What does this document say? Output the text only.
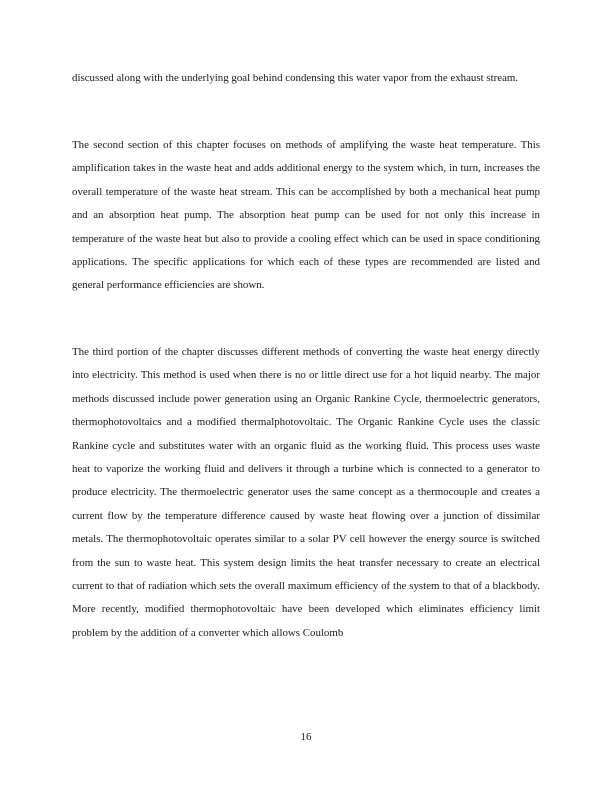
discussed along with the underlying goal behind condensing this water vapor from the exhaust stream.

The second section of this chapter focuses on methods of amplifying the waste heat temperature. This amplification takes in the waste heat and adds additional energy to the system which, in turn, increases the overall temperature of the waste heat stream. This can be accomplished by both a mechanical heat pump and an absorption heat pump. The absorption heat pump can be used for not only this increase in temperature of the waste heat but also to provide a cooling effect which can be used in space conditioning applications. The specific applications for which each of these types are recommended are listed and general performance efficiencies are shown.

The third portion of the chapter discusses different methods of converting the waste heat energy directly into electricity. This method is used when there is no or little direct use for a hot liquid nearby. The major methods discussed include power generation using an Organic Rankine Cycle, thermoelectric generators, thermophotovoltaics and a modified thermalphotovoltaic. The Organic Rankine Cycle uses the classic Rankine cycle and substitutes water with an organic fluid as the working fluid. This process uses waste heat to vaporize the working fluid and delivers it through a turbine which is connected to a generator to produce electricity. The thermoelectric generator uses the same concept as a thermocouple and creates a current flow by the temperature difference caused by waste heat flowing over a junction of dissimilar metals. The thermophotovoltaic operates similar to a solar PV cell however the energy source is switched from the sun to waste heat. This system design limits the heat transfer necessary to create an electrical current to that of radiation which sets the overall maximum efficiency of the system to that of a blackbody. More recently, modified thermophotovoltaic have been developed which eliminates efficiency limit problem by the addition of a converter which allows Coulomb

16
